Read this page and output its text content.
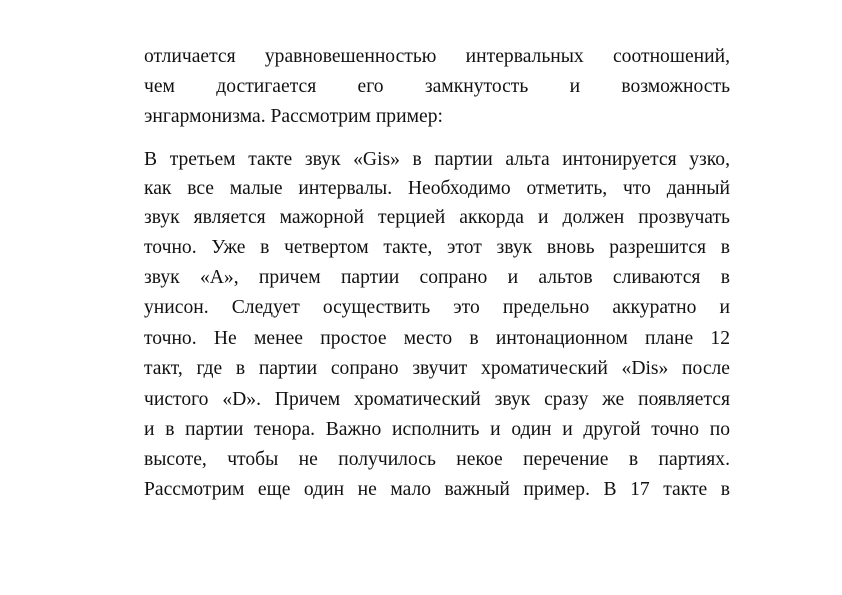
отличается уравновешенностью интервальных соотношений,
чем достигается его замкнутость и возможность
энгармонизма. Рассмотрим пример:
В третьем такте звук «Gis» в партии альта интонируется узко,
как все малые интервалы. Необходимо отметить, что данный
звук является мажорной терцией аккорда и должен прозвучать
точно. Уже в четвертом такте, этот звук вновь разрешится в
звук «A», причем партии сопрано и альтов сливаются в
унисон. Следует осуществить это предельно аккуратно и
точно. Не менее простое место в интонационном плане 12
такт, где в партии сопрано звучит хроматический «Dis» после
чистого «D». Причем хроматический звук сразу же появляется
и в партии тенора. Важно исполнить и один и другой точно по
высоте, чтобы не получилось некое перечение в партиях.
Рассмотрим еще один не мало важный пример. В 17 такте в
